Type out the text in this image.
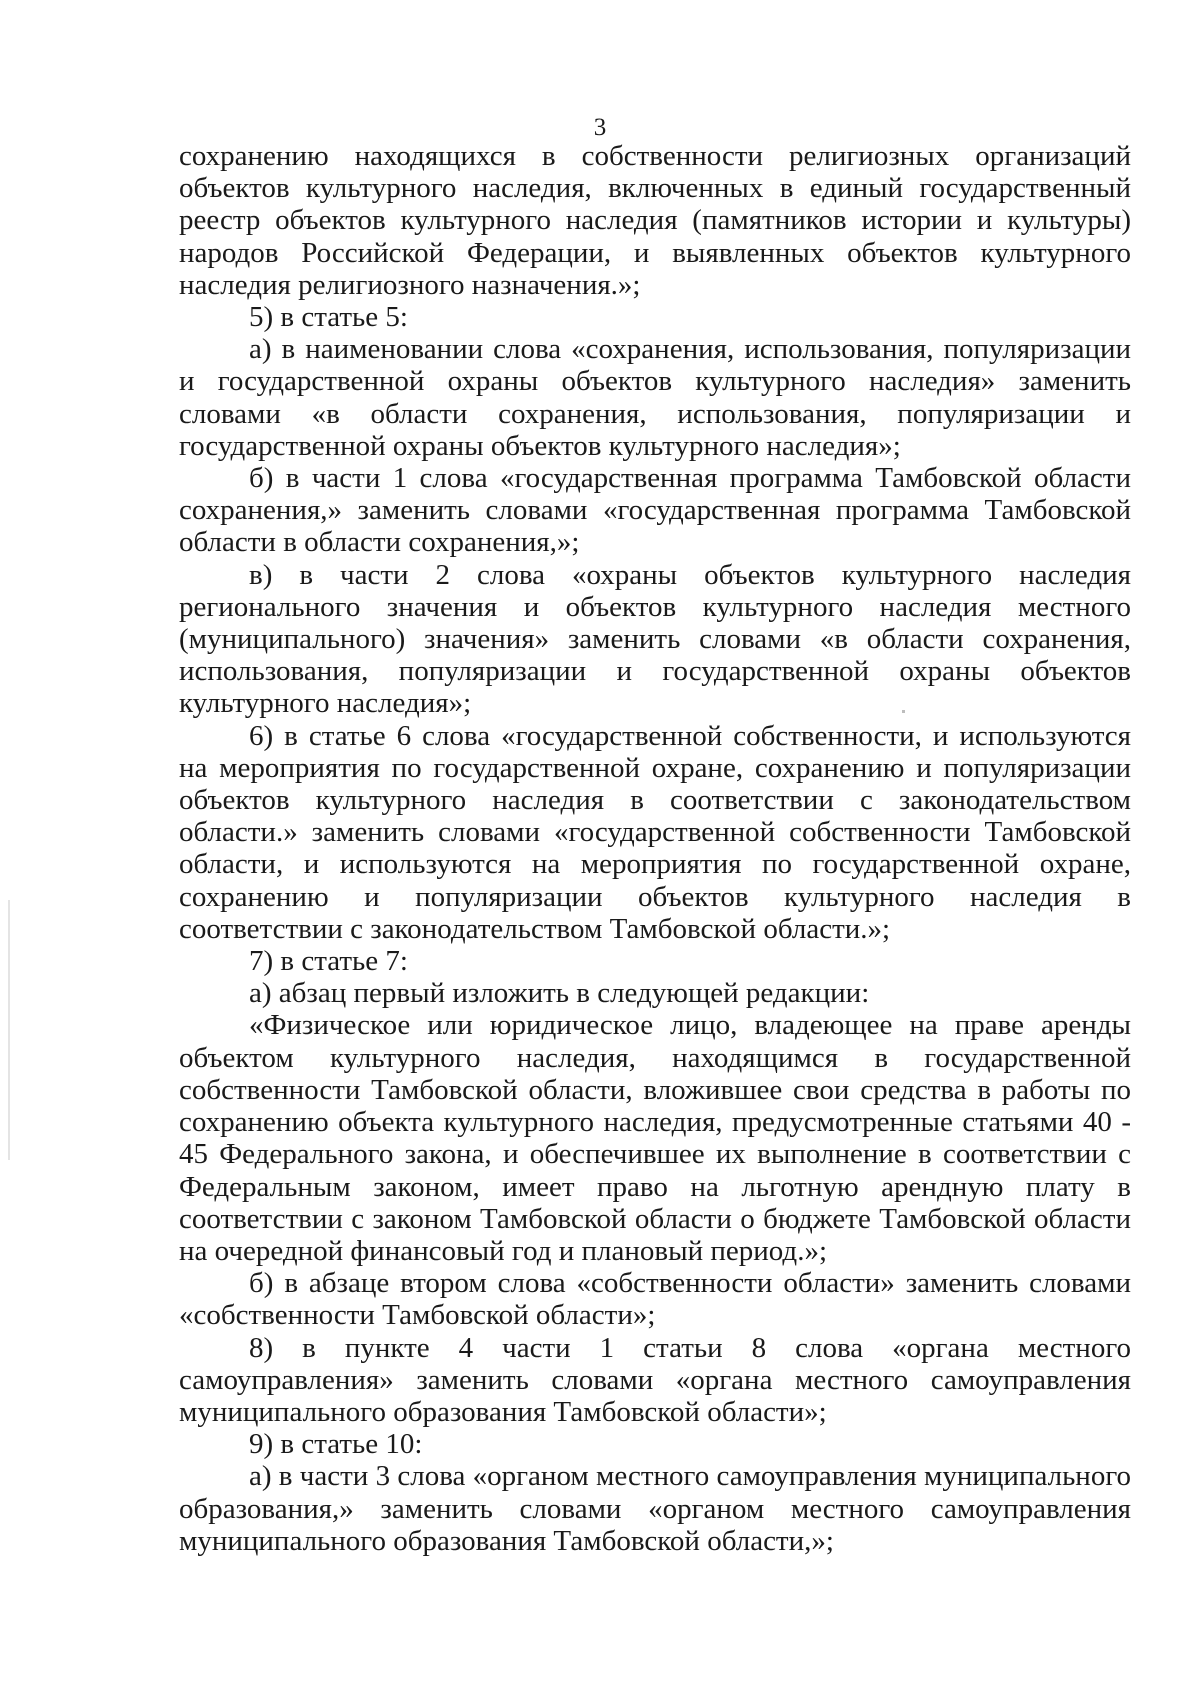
3

сохранению находящихся в собственности религиозных организаций объектов культурного наследия, включенных в единый государственный реестр объектов культурного наследия (памятников истории и культуры) народов Российской Федерации, и выявленных объектов культурного наследия религиозного назначения.»;

5) в статье 5:

а) в наименовании слова «сохранения, использования, популяризации и государственной охраны объектов культурного наследия» заменить словами «в области сохранения, использования, популяризации и государственной охраны объектов культурного наследия»;

б) в части 1 слова «государственная программа Тамбовской области сохранения,» заменить словами «государственная программа Тамбовской области в области сохранения,»;

в) в части 2 слова «охраны объектов культурного наследия регионального значения и объектов культурного наследия местного (муниципального) значения» заменить словами «в области сохранения, использования, популяризации и государственной охраны объектов культурного наследия»;

6) в статье 6 слова «государственной собственности, и используются на мероприятия по государственной охране, сохранению и популяризации объектов культурного наследия в соответствии с законодательством области.» заменить словами «государственной собственности Тамбовской области, и используются на мероприятия по государственной охране, сохранению и популяризации объектов культурного наследия в соответствии с законодательством Тамбовской области.»;

7) в статье 7:

а) абзац первый изложить в следующей редакции:

«Физическое или юридическое лицо, владеющее на праве аренды объектом культурного наследия, находящимся в государственной собственности Тамбовской области, вложившее свои средства в работы по сохранению объекта культурного наследия, предусмотренные статьями 40 - 45 Федерального закона, и обеспечившее их выполнение в соответствии с Федеральным законом, имеет право на льготную арендную плату в соответствии с законом Тамбовской области о бюджете Тамбовской области на очередной финансовый год и плановый период.»;

б) в абзаце втором слова «собственности области» заменить словами «собственности Тамбовской области»;

8) в пункте 4 части 1 статьи 8 слова «органа местного самоуправления» заменить словами «органа местного самоуправления муниципального образования Тамбовской области»;

9) в статье 10:

а) в части 3 слова «органом местного самоуправления муниципального образования,» заменить словами «органом местного самоуправления муниципального образования Тамбовской области,»;
